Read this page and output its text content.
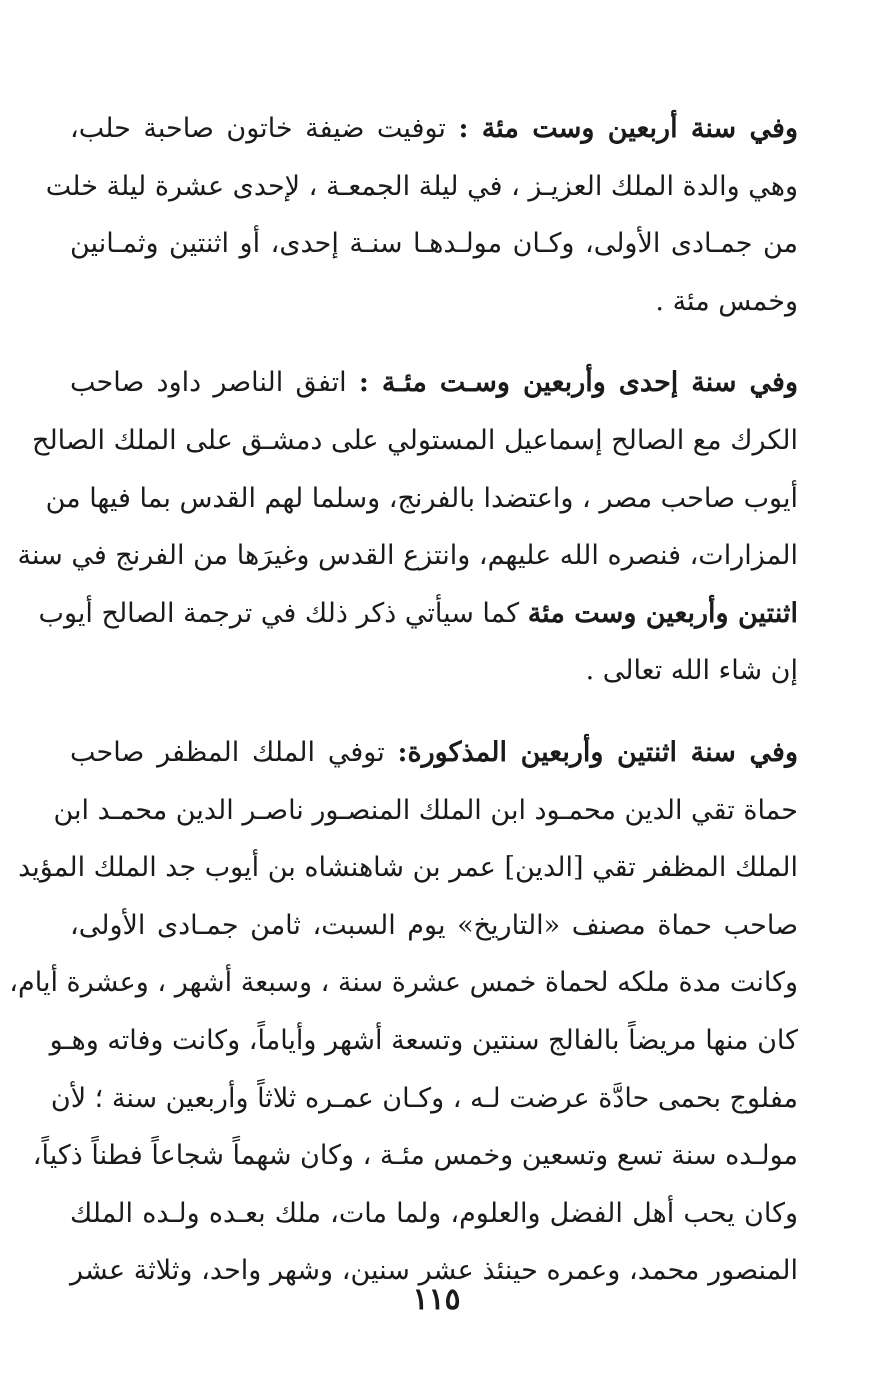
وفي سنة أربعين وست مئة : توفيت ضيفة خاتون صاحبة حلب،
وهي والدة الملك العزيـز ، في ليلة الجمعـة ، لإحدى عشرة ليلة خلت
من جمـادى الأولى، وكـان مولـدهـا سنـة إحدى، أو اثنتين وثمـانين
وخمس مئة .

وفي سنة إحدى وأربعين وسـت مئـة : اتفق الناصر داود صاحب
الكرك مع الصالح إسماعيل المستولي على دمشـق على الملك الصالح
أيوب صاحب مصر ، واعتضدا بالفرنج، وسلما لهم القدس بما فيها من
المزارات، فنصره الله عليهم، وانتزع القدس وغيرَها من الفرنج في سنة
اثنتين وأربعين وست مئة كما سيأتي ذكر ذلك في ترجمة الصالح أيوب
إن شاء الله تعالى .

وفي سنة اثنتين وأربعين المذكورة: توفي الملك المظفر صاحب
حماة تقي الدين محمـود ابن الملك المنصـور ناصـر الدين محمـد ابن
الملك المظفر تقي [الدين] عمر بن شاهنشاه بن أيوب جد الملك المؤيد
صاحب حماة مصنف «التاريخ» يوم السبت، ثامن جمـادى الأولى،
وكانت مدة ملكه لحماة خمس عشرة سنة ، وسبعة أشهر ، وعشرة أيام،
كان منها مريضاً بالفالج سنتين وتسعة أشهر وأياماً، وكانت وفاته وهـو
مفلوج بحمى حادَّة عرضت لـه ، وكـان عمـره ثلاثاً وأربعين سنة ؛ لأن
مولـده سنة تسع وتسعين وخمس مئـة ، وكان شهماً شجاعاً فطناً ذكياً،
وكان يحب أهل الفضل والعلوم، ولما مات، ملك بعـده ولـده الملك
المنصور محمد، وعمره حينئذ عشر سنين، وشهر واحد، وثلاثة عشر

١١٥
